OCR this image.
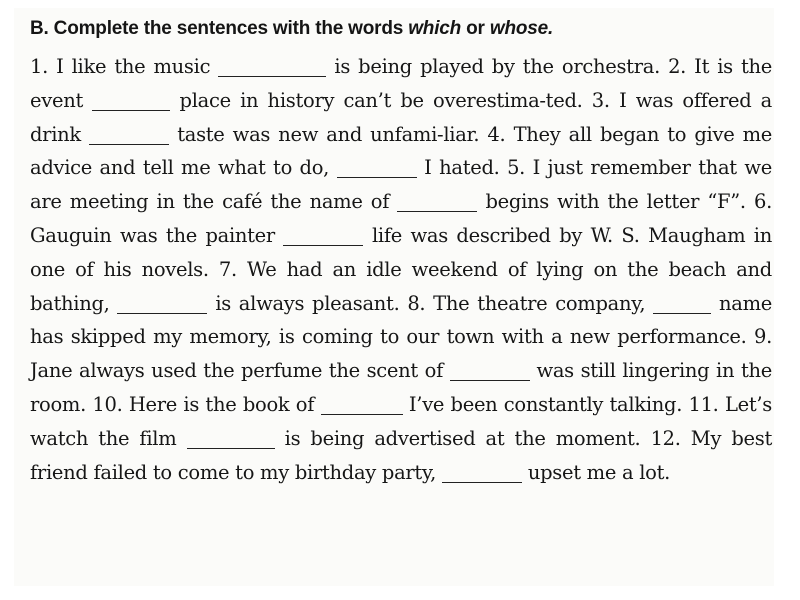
B. Complete the sentences with the words which or whose.
1. I like the music	is being played by the orchestra. 2. It is the event	place in history can’t be overestima-ted. 3. I was offered a drink	taste was new and unfami-liar. 4. They all began to give me advice and tell me what to do,	I hated. 5. I just remember that we are meeting in the café the name of	begins with the letter “F”. 6. Gauguin was the painter	life was described by W. S. Maugham in one of his novels. 7. We had an idle weekend of lying on the beach and bathing,	is always pleasant. 8. The theatre company,	name has skipped my memory, is coming to our town with a new performance. 9. Jane always used the perfume the scent of	was still lingering in the room. 10. Here is the book of	I’ve been constantly talking. 11. Let’s watch the film	is being advertised at the moment. 12. My best friend failed to come to my birthday party,	upset me a lot.
